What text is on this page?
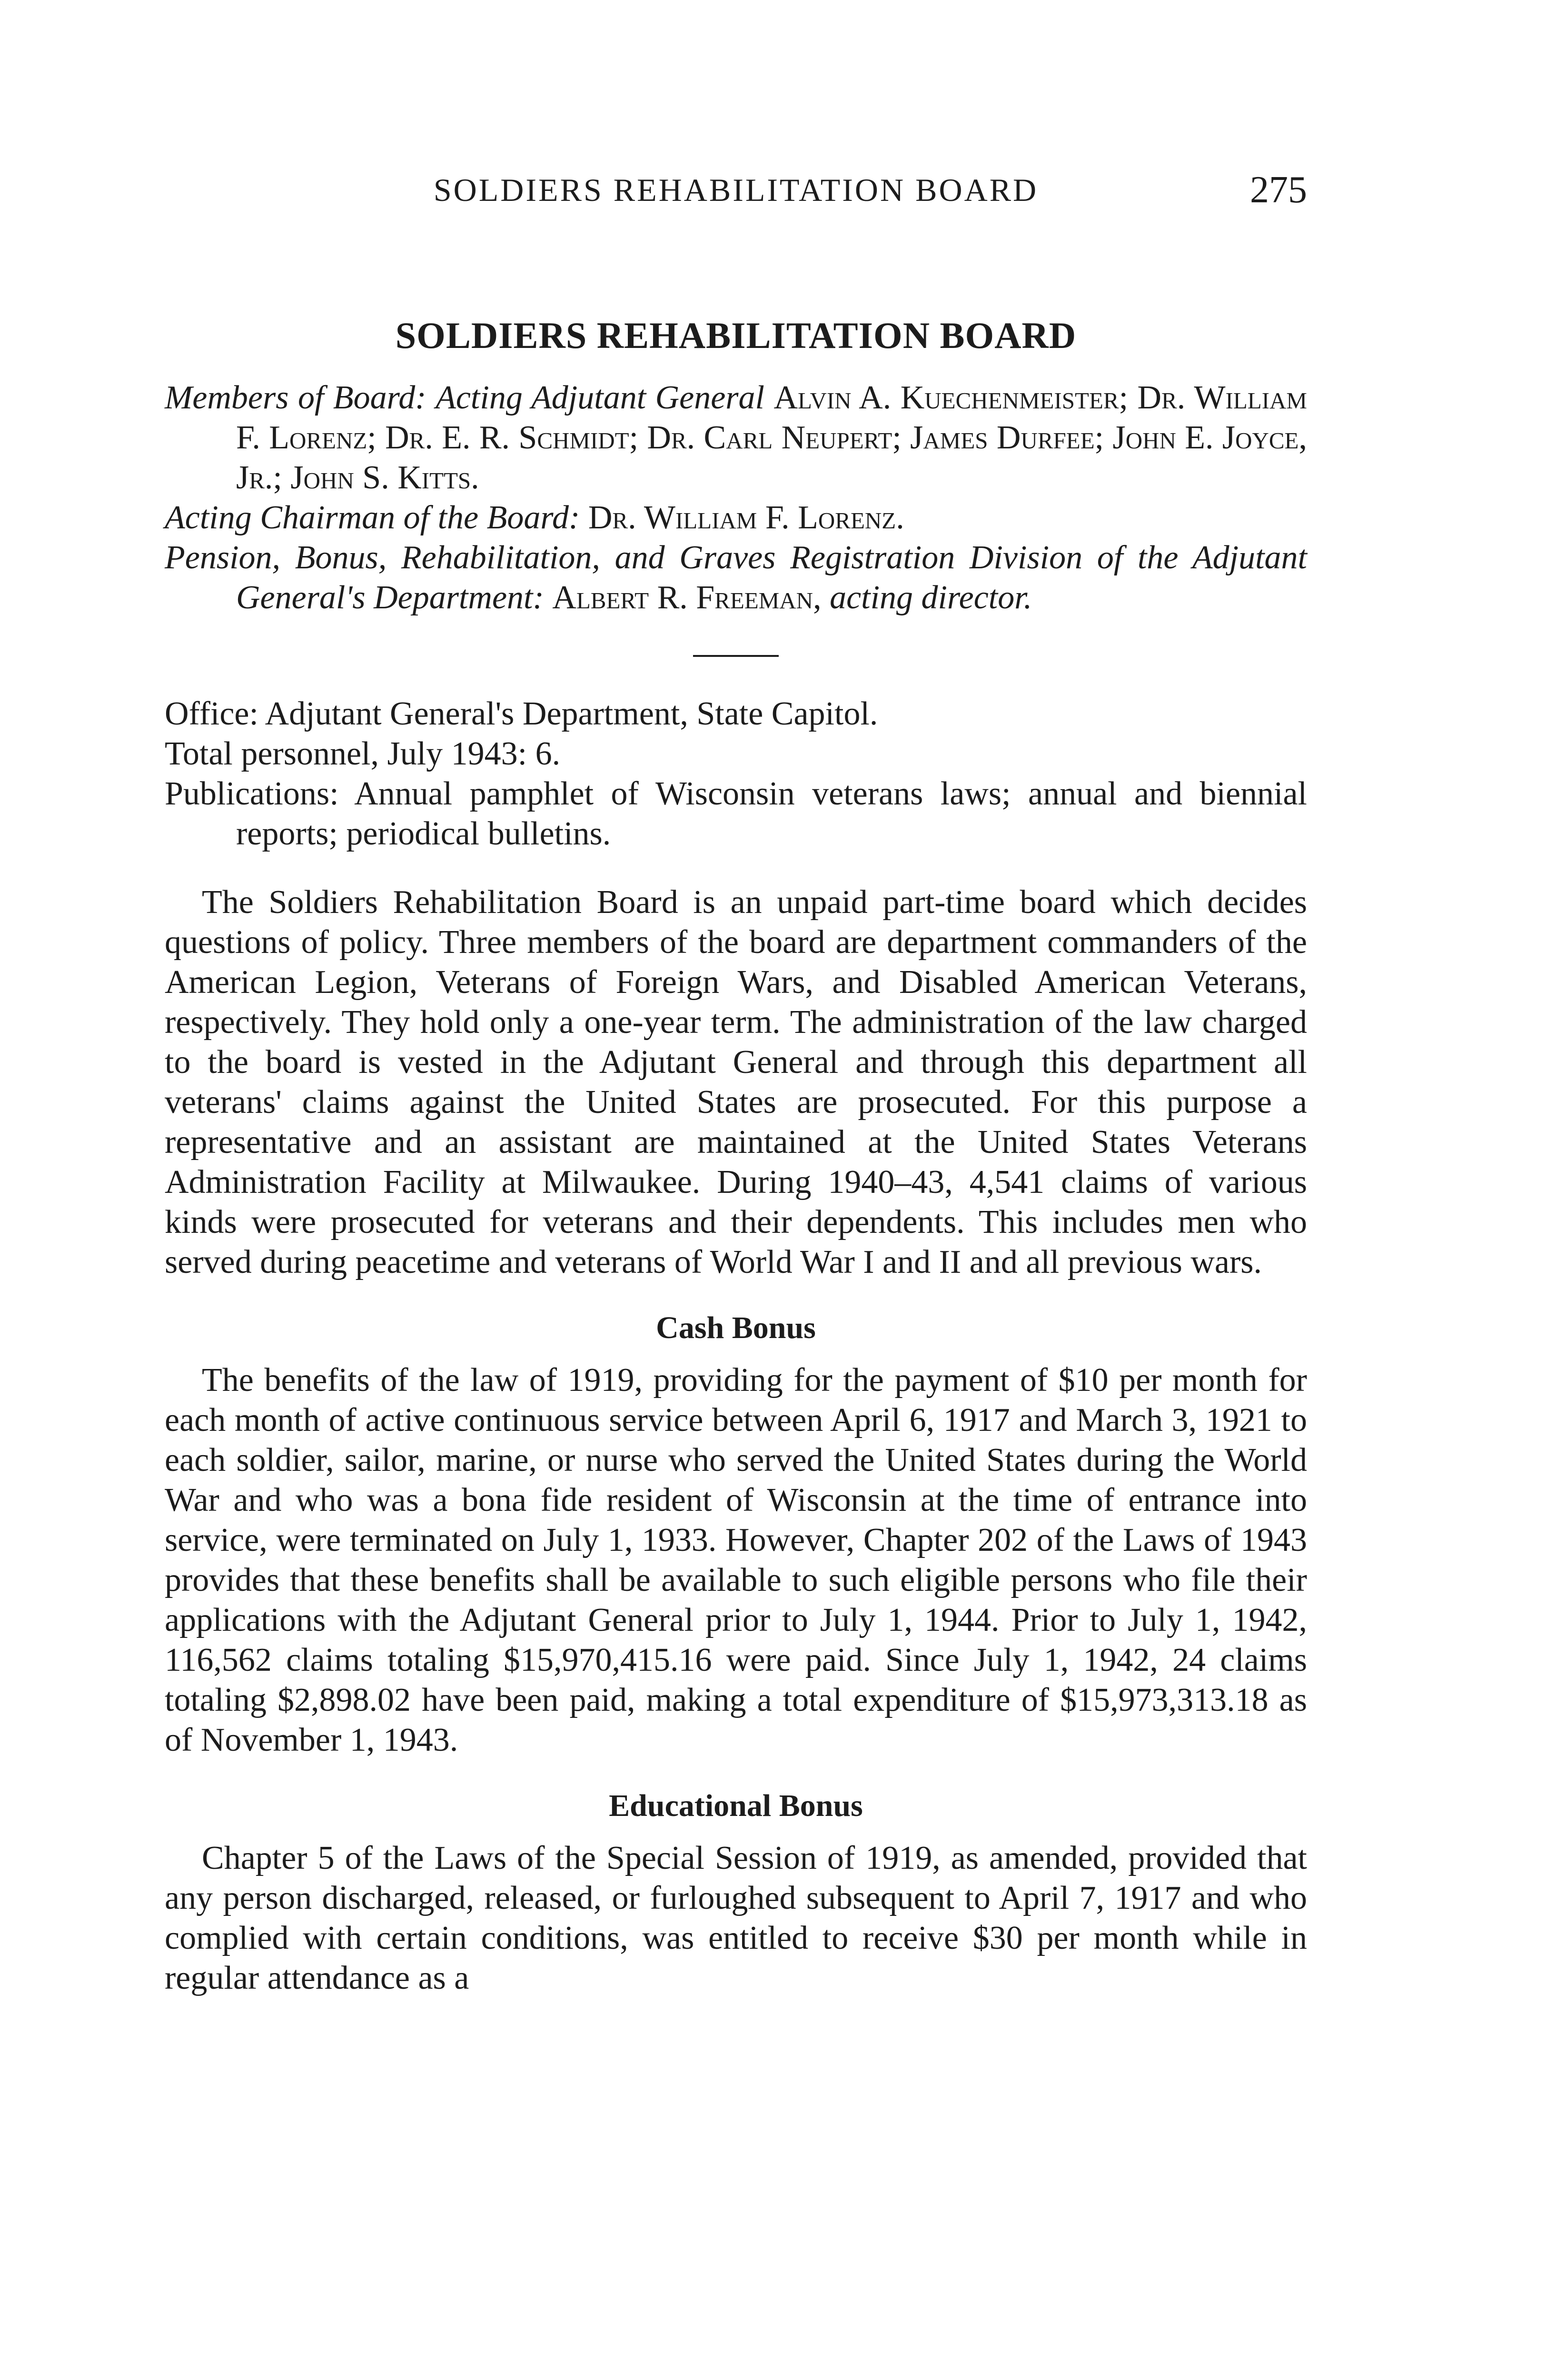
SOLDIERS REHABILITATION BOARD	275
SOLDIERS REHABILITATION BOARD

Members of Board: Acting Adjutant General Alvin A. Kuechenmeister; Dr. William F. Lorenz; Dr. E. R. Schmidt; Dr. Carl Neupert; James Durfee; John E. Joyce, Jr.; John S. Kitts.

Acting Chairman of the Board: Dr. William F. Lorenz.

Pension, Bonus, Rehabilitation, and Graves Registration Division of the Adjutant General's Department: Albert R. Freeman, acting director.

Office: Adjutant General's Department, State Capitol.

Total personnel, July 1943: 6.

Publications: Annual pamphlet of Wisconsin veterans laws; annual and biennial reports; periodical bulletins.

The Soldiers Rehabilitation Board is an unpaid part-time board which decides questions of policy. Three members of the board are department commanders of the American Legion, Veterans of Foreign Wars, and Disabled American Veterans, respectively. They hold only a one-year term. The administration of the law charged to the board is vested in the Adjutant General and through this department all veterans' claims against the United States are prosecuted. For this purpose a representative and an assistant are maintained at the United States Veterans Administration Facility at Milwaukee. During 1940–43, 4,541 claims of various kinds were prosecuted for veterans and their dependents. This includes men who served during peacetime and veterans of World War I and II and all previous wars.

Cash Bonus

The benefits of the law of 1919, providing for the payment of $10 per month for each month of active continuous service between April 6, 1917 and March 3, 1921 to each soldier, sailor, marine, or nurse who served the United States during the World War and who was a bona fide resident of Wisconsin at the time of entrance into service, were terminated on July 1, 1933. However, Chapter 202 of the Laws of 1943 provides that these benefits shall be available to such eligible persons who file their applications with the Adjutant General prior to July 1, 1944. Prior to July 1, 1942, 116,562 claims totaling $15,970,415.16 were paid. Since July 1, 1942, 24 claims totaling $2,898.02 have been paid, making a total expenditure of $15,973,313.18 as of November 1, 1943.

Educational Bonus

Chapter 5 of the Laws of the Special Session of 1919, as amended, provided that any person discharged, released, or furloughed subsequent to April 7, 1917 and who complied with certain conditions, was entitled to receive $30 per month while in regular attendance as a
